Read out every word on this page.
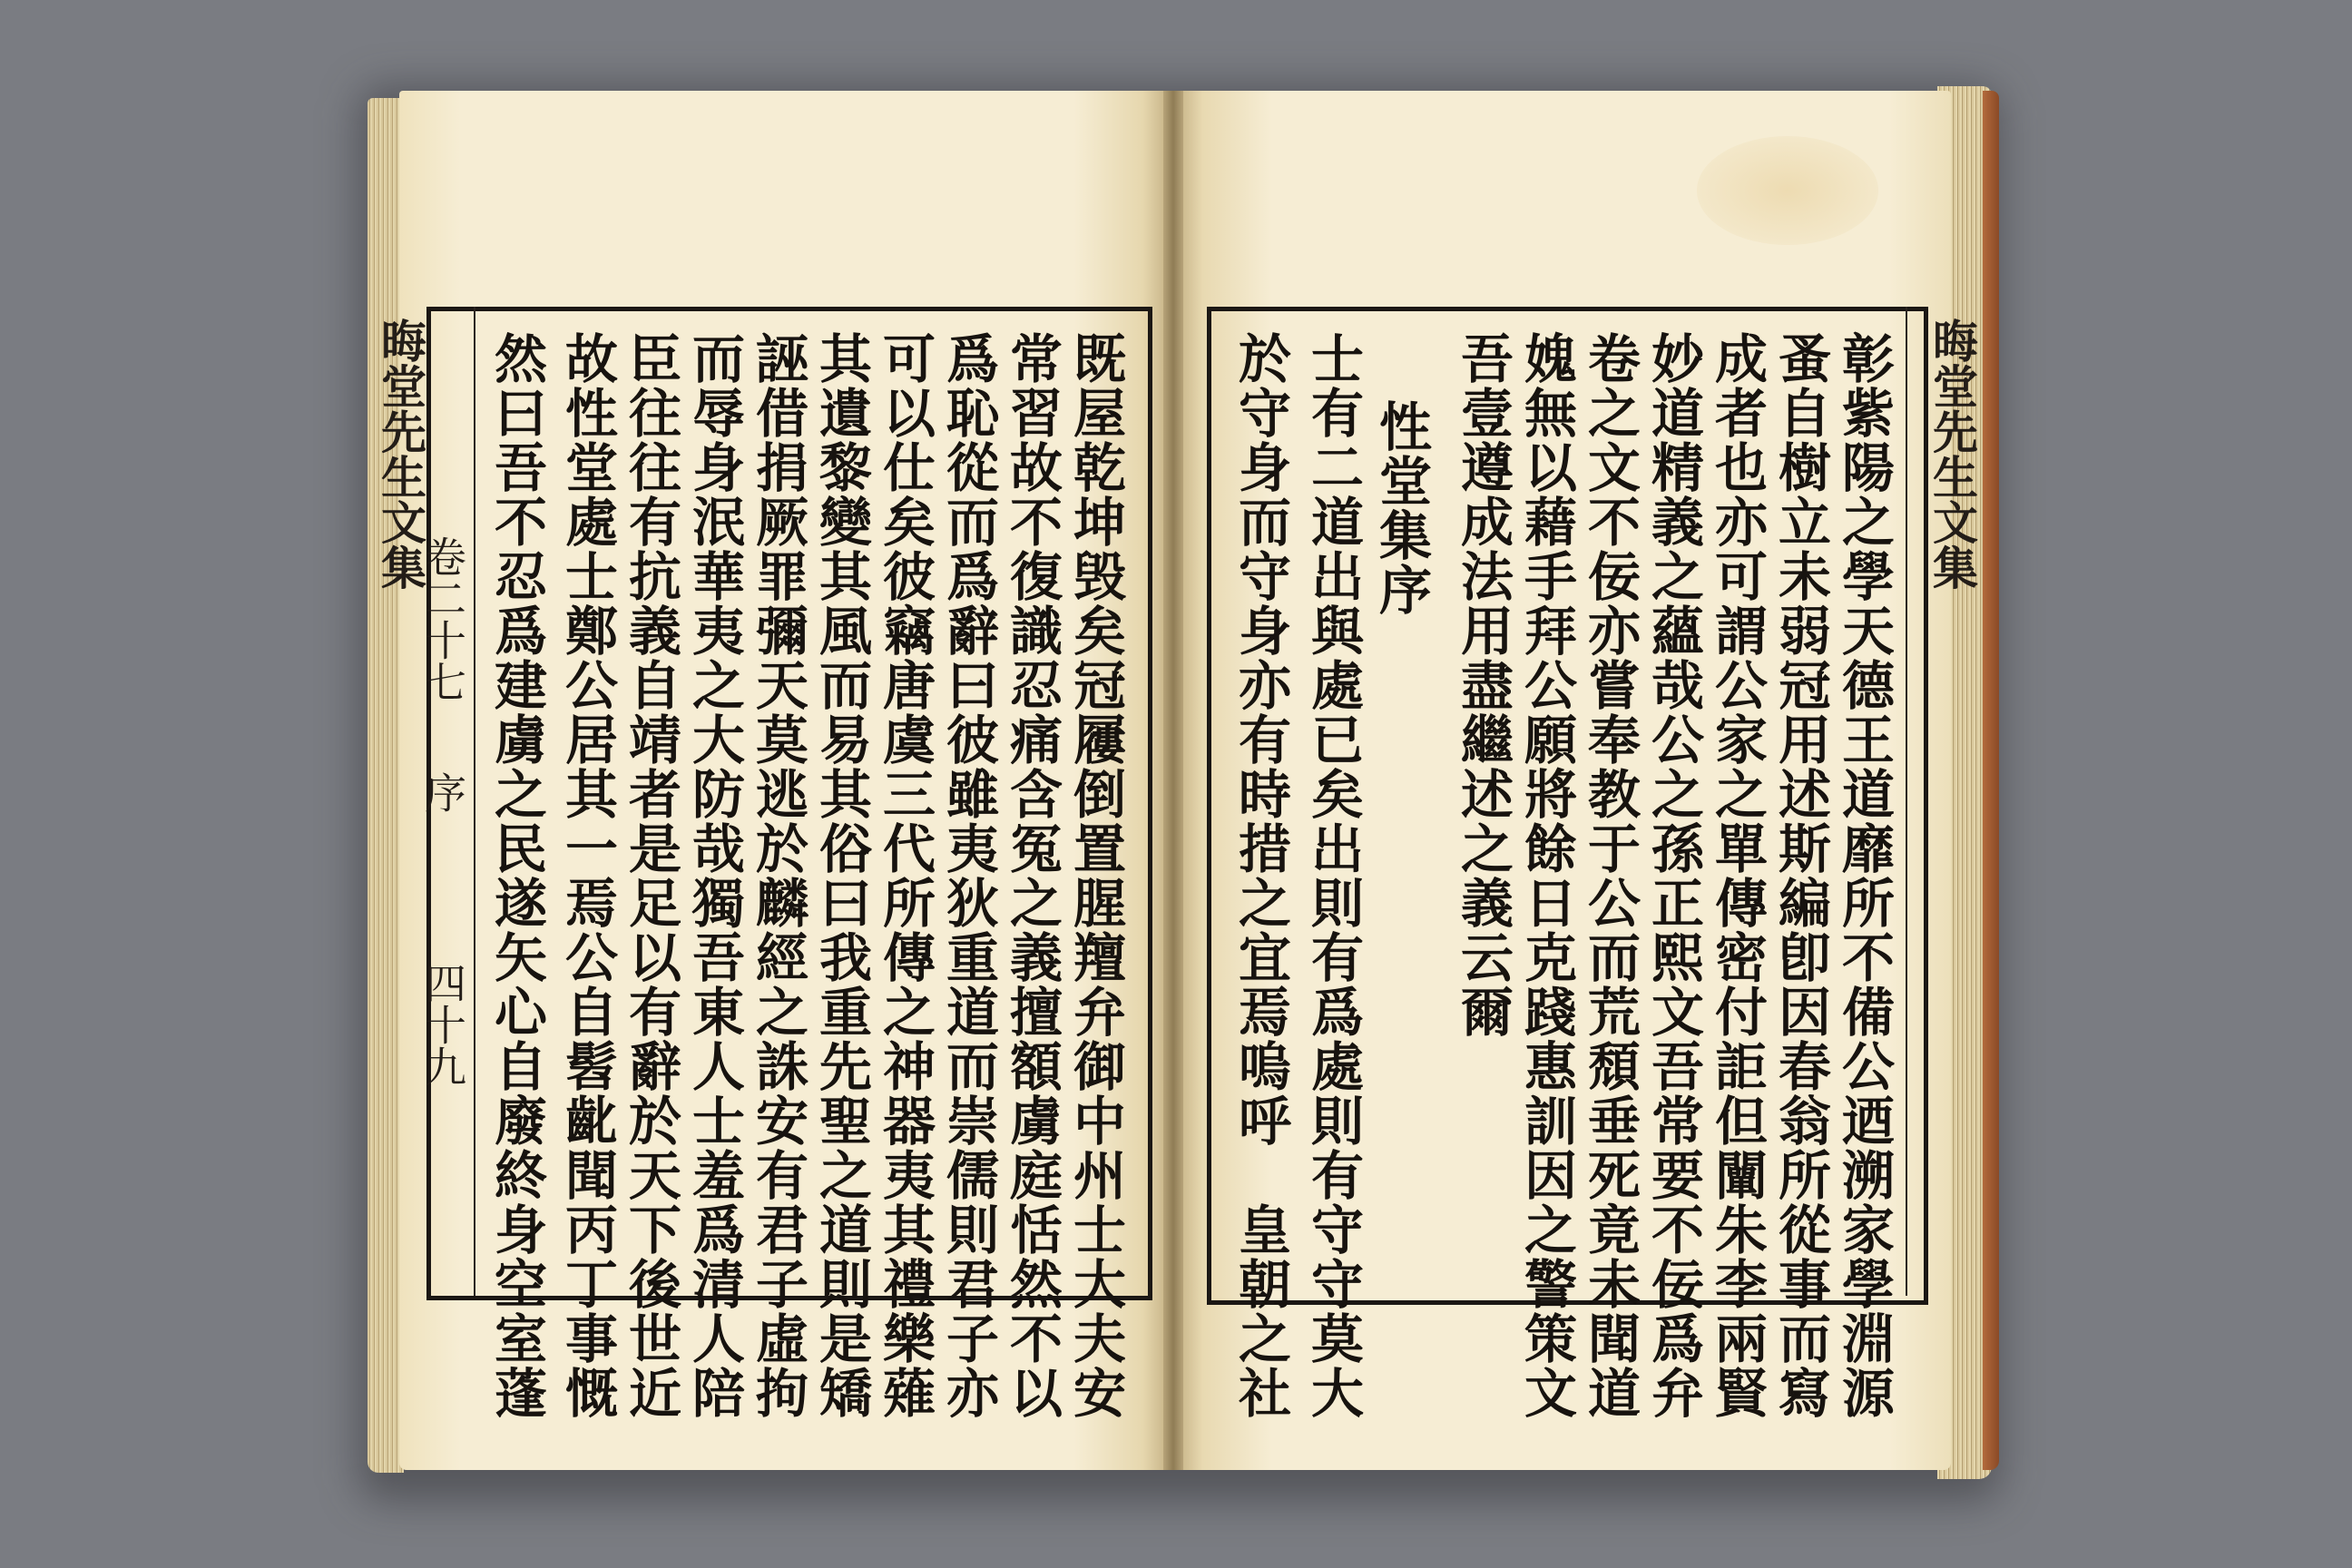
晦堂先生文集
卷二十七
序
四十九	既屋乾坤毁矣冠屨倒置腥羶弁御中州士大夫安
常習故不復識忍痛含冤之義擅額虜庭恬然不以
爲恥從而爲辭曰彼雖夷狄重道而崇儒則君子亦
可以仕矣彼竊唐虞三代所傳之神器夷其禮樂薙
其遺黎變其風而易其俗曰我重先聖之道則是矯
誣借捐厥罪彌天莫逃於麟經之誅安有君子虛拘
而辱身泯華夷之大防哉獨吾東人士羞爲清人陪
臣往往有抗義自靖者是足以有辭於天下後世近
故性堂處士鄭公居其一焉公自髫齔聞丙丁事慨
然曰吾不忍爲建虜之民遂矢心自廢終身空室蓬	晦堂先生文集
彰紫陽之學天德王道靡所不備公迺溯家學淵源
蚤自樹立未弱冠用述斯編卽因春翁所從事而寫
成者也亦可謂公家之單傳密付詎但闡朱李兩賢
妙道精義之蘊哉公之孫正熙文吾常要不佞爲弁
卷之文不佞亦嘗奉教于公而荒頹垂死竟未聞道
媿無以藉手拜公願將餘日克踐惠訓因之警策文
吾壹遵成法用盡繼述之義云爾
性堂集序
士有二道出與處已矣出則有爲處則有守守莫大
於守身而守身亦有時措之宜焉嗚呼　皇朝之社
